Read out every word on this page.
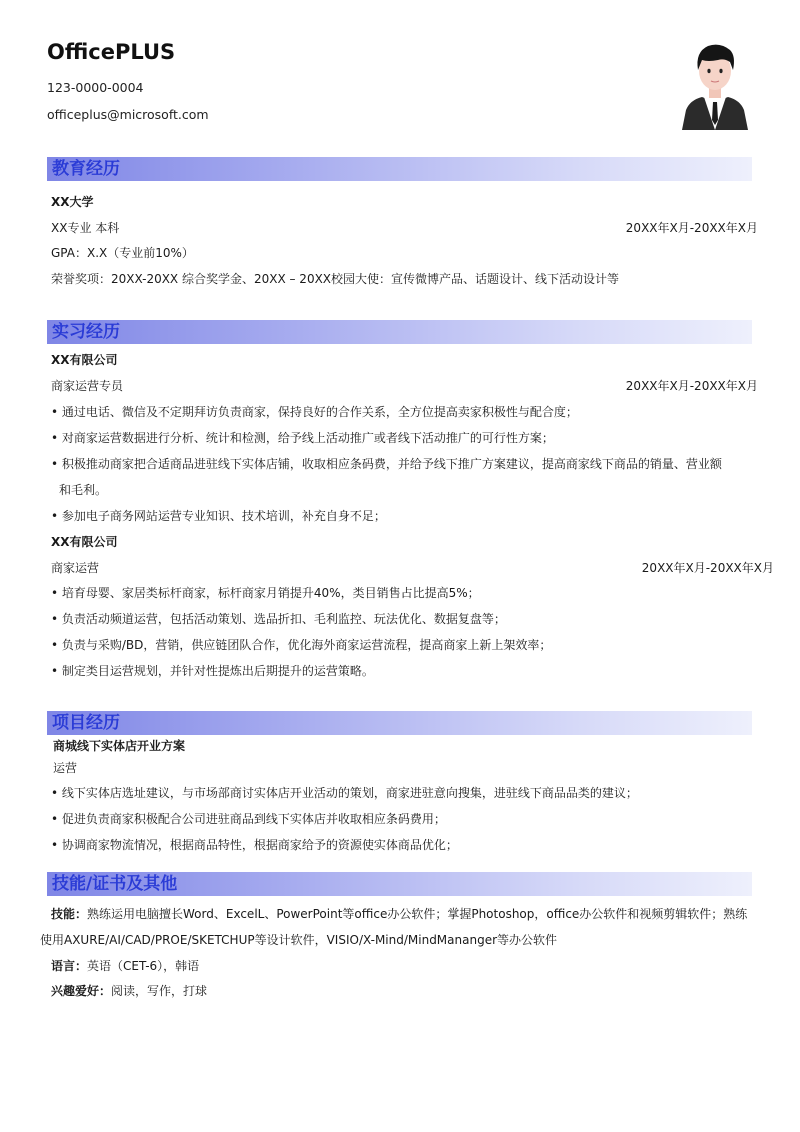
OfficePLUS
123-0000-0004
officeplus@microsoft.com
教育经历
XX大学
XX专业 本科	20XX年X月-20XX年X月
GPA：X.X（专业前10%）
荣誉奖项：20XX-20XX 综合奖学金、20XX – 20XX校园大使：宣传微博产品、话题设计、线下活动设计等
实习经历
XX有限公司
商家运营专员	20XX年X月-20XX年X月
• 通过电话、微信及不定期拜访负责商家，保持良好的合作关系，全方位提高卖家积极性与配合度；
• 对商家运营数据进行分析、统计和检测，给予线上活动推广或者线下活动推广的可行性方案；
• 积极推动商家把合适商品进驻线下实体店铺，收取相应条码费，并给予线下推广方案建议，提高商家线下商品的销量、营业额
和毛利。
• 参加电子商务网站运营专业知识、技术培训，补充自身不足；
XX有限公司
商家运营	20XX年X月-20XX年X月
• 培育母婴、家居类标杆商家，标杆商家月销提升40%，类目销售占比提高5%；
• 负责活动频道运营，包括活动策划、选品折扣、毛利监控、玩法优化、数据复盘等；
• 负责与采购/BD，营销，供应链团队合作，优化海外商家运营流程，提高商家上新上架效率；
• 制定类目运营规划，并针对性提炼出后期提升的运营策略。
项目经历
商城线下实体店开业方案
运营
• 线下实体店选址建议，与市场部商讨实体店开业活动的策划，商家进驻意向搜集，进驻线下商品品类的建议；
• 促进负责商家积极配合公司进驻商品到线下实体店并收取相应条码费用；
• 协调商家物流情况，根据商品特性，根据商家给予的资源使实体商品优化；
技能/证书及其他
技能：熟练运用电脑擅长Word、ExcelL、PowerPoint等office办公软件；掌握Photoshop，office办公软件和视频剪辑软件；熟练
使用AXURE/AI/CAD/PROE/SKETCHUP等设计软件，VISIO/X-Mind/MindMananger等办公软件
语言：英语（CET-6），韩语
兴趣爱好：阅读，写作，打球
